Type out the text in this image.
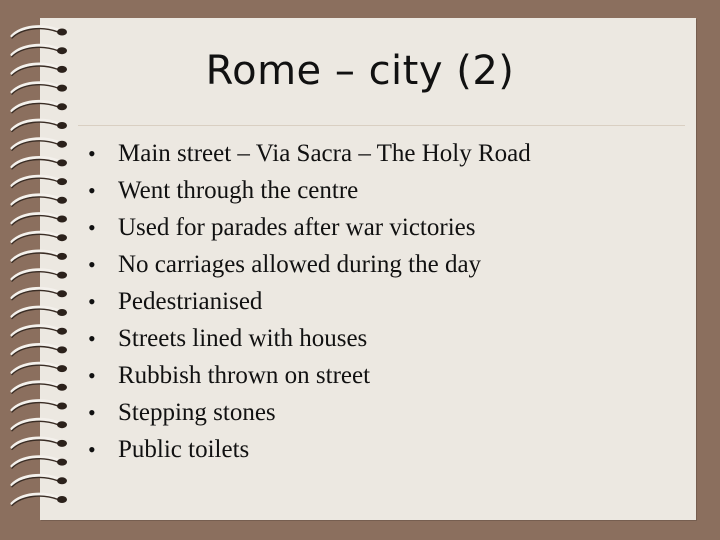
Rome – city (2)
• Main street – Via Sacra – The Holy Road
• Went through the centre
• Used for parades after war victories
• No carriages allowed during the day
• Pedestrianised
• Streets lined with houses
• Rubbish thrown on street
• Stepping stones
• Public toilets
